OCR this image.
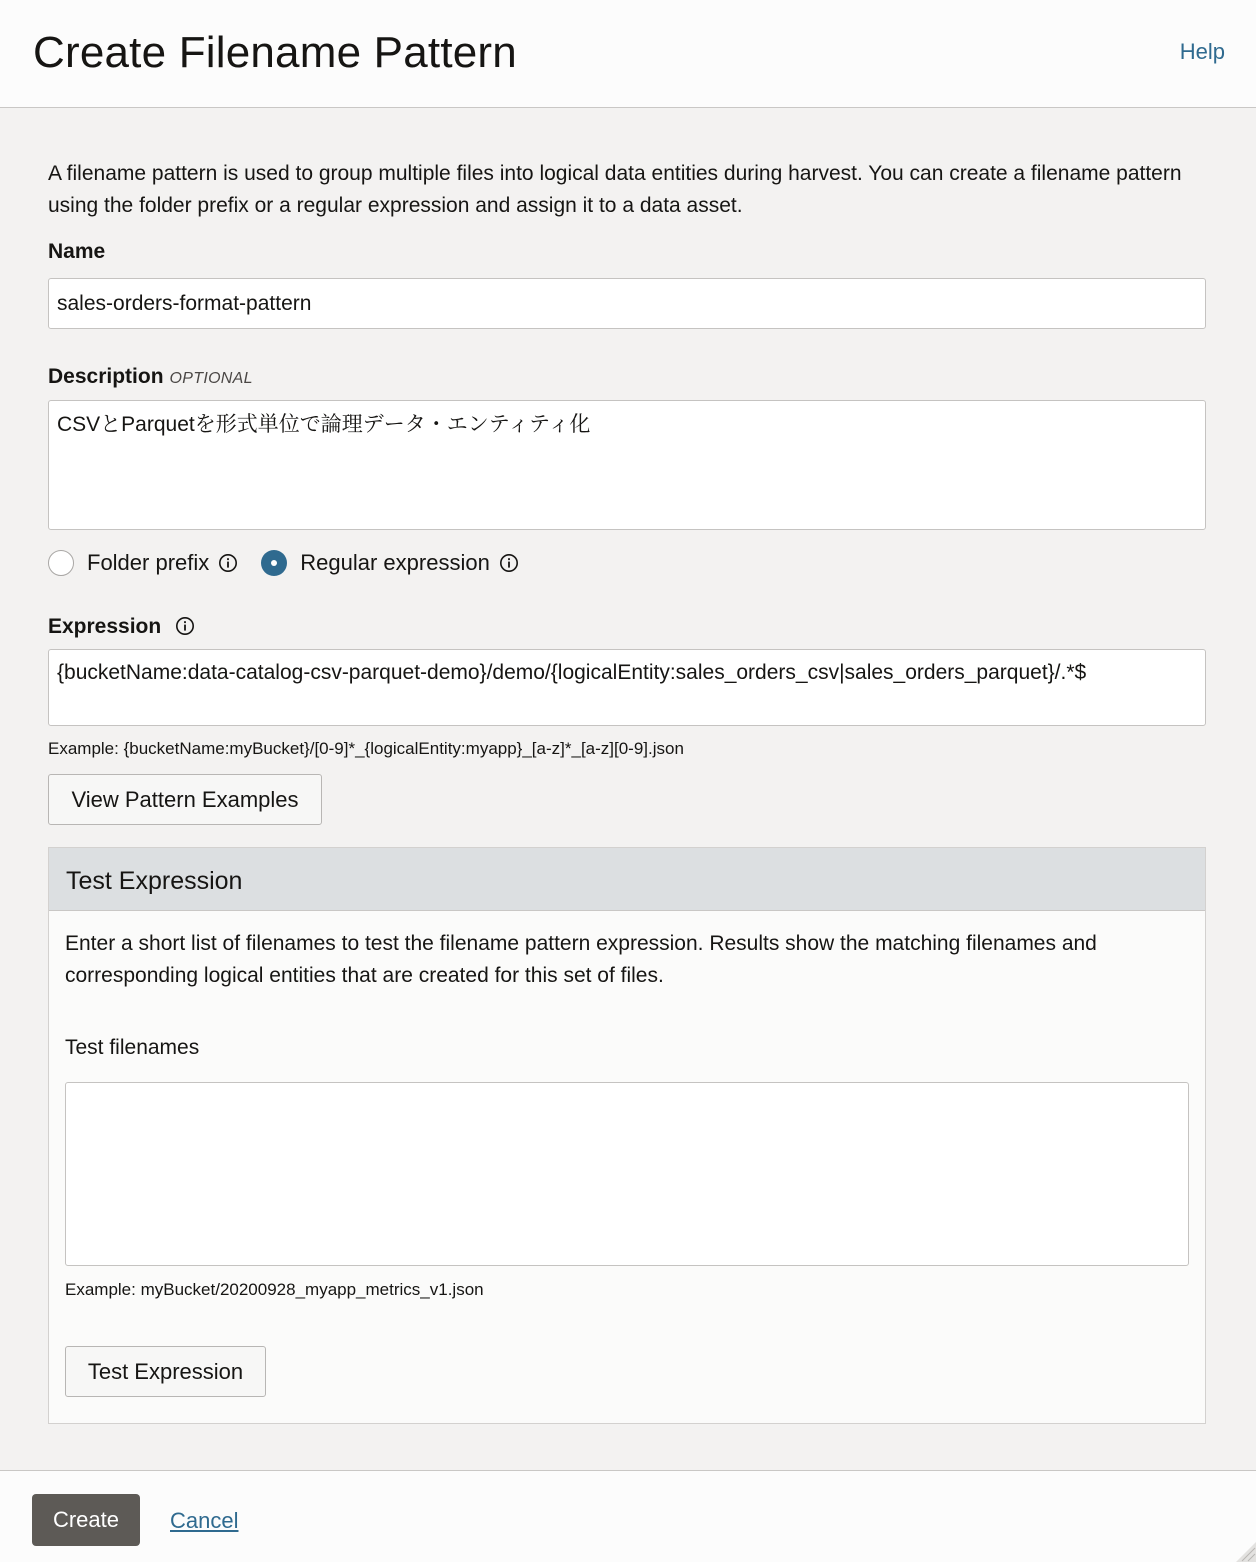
Create Filename Pattern	Help

A filename pattern is used to group multiple files into logical data entities during harvest. You can create a filename pattern using the folder prefix or a regular expression and assign it to a data asset.

Name
sales-orders-format-pattern
Description OPTIONAL
CSVとParquetを形式単位で論理データ・エンティティ化
Folder prefix	Regular expression
Expression
{bucketName:data-catalog-csv-parquet-demo}/demo/{logicalEntity:sales_orders_csv|sales_orders_parquet}/.*$
Example: {bucketName:myBucket}/[0-9]*_{logicalEntity:myapp}_[a-z]*_[a-z][0-9].json
View Pattern Examples
Test Expression

Enter a short list of filenames to test the filename pattern expression. Results show the matching filenames and corresponding logical entities that are created for this set of files.

Test filenames
Example: myBucket/20200928_myapp_metrics_v1.json
Test Expression
Create	Cancel
